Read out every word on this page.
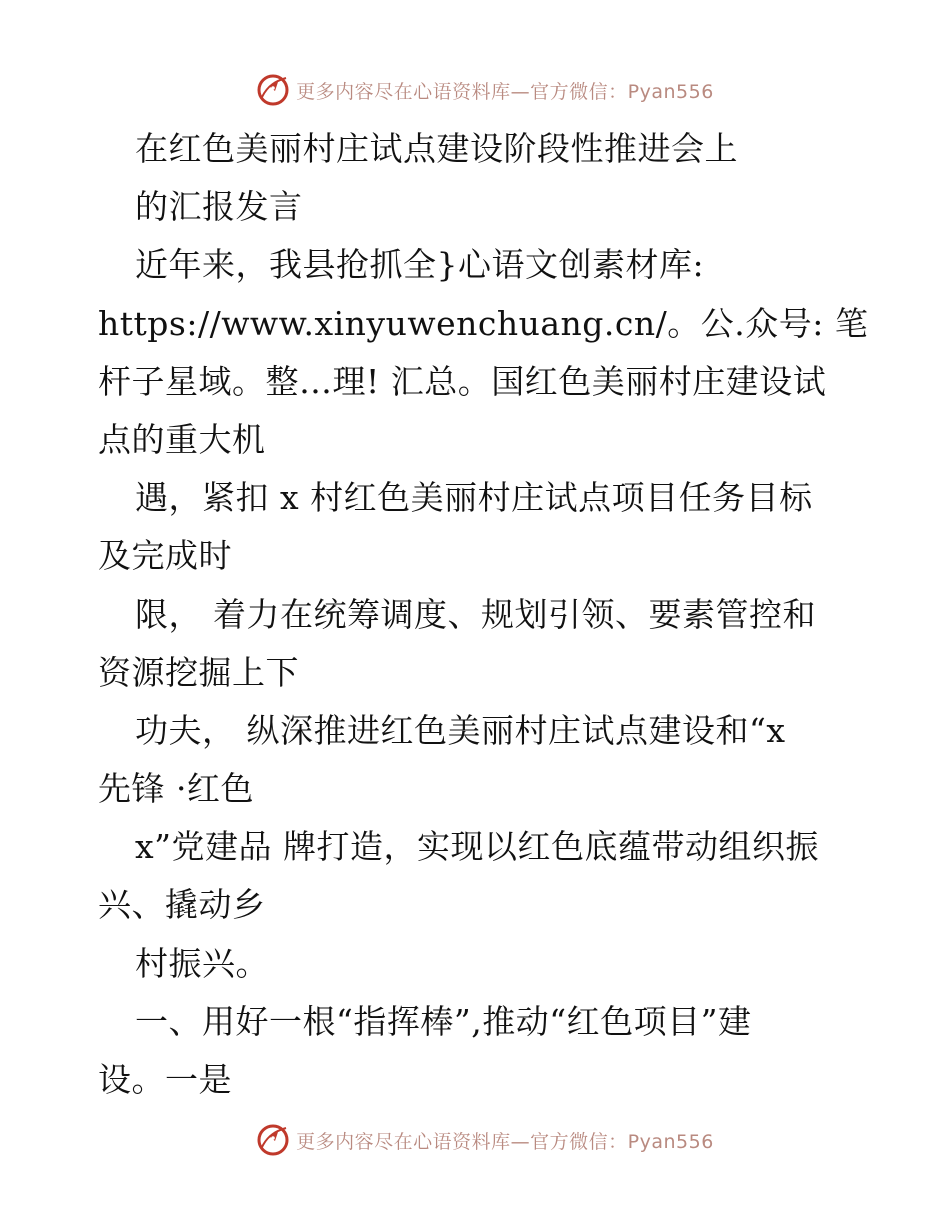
更多内容尽在心语资料库—官方微信：Pyan556
在红色美丽村庄试点建设阶段性推进会上
的汇报发言
近年来，我县抢抓全}心语文创素材库:
https://www.xinyuwenchuang.cn/。公.众号: 笔
杆子星域。整…理! 汇总。国红色美丽村庄建设试
点的重大机
遇，紧扣 x 村红色美丽村庄试点项目任务目标
及完成时
限， 着力在统筹调度、规划引领、要素管控和
资源挖掘上下
功夫， 纵深推进红色美丽村庄试点建设和“x
先锋 ·红色
x”党建品 牌打造，实现以红色底蕴带动组织振
兴、撬动乡
村振兴。
一、用好一根“指挥棒”,推动“红色项目”建
设。一是
更多内容尽在心语资料库—官方微信：Pyan556
